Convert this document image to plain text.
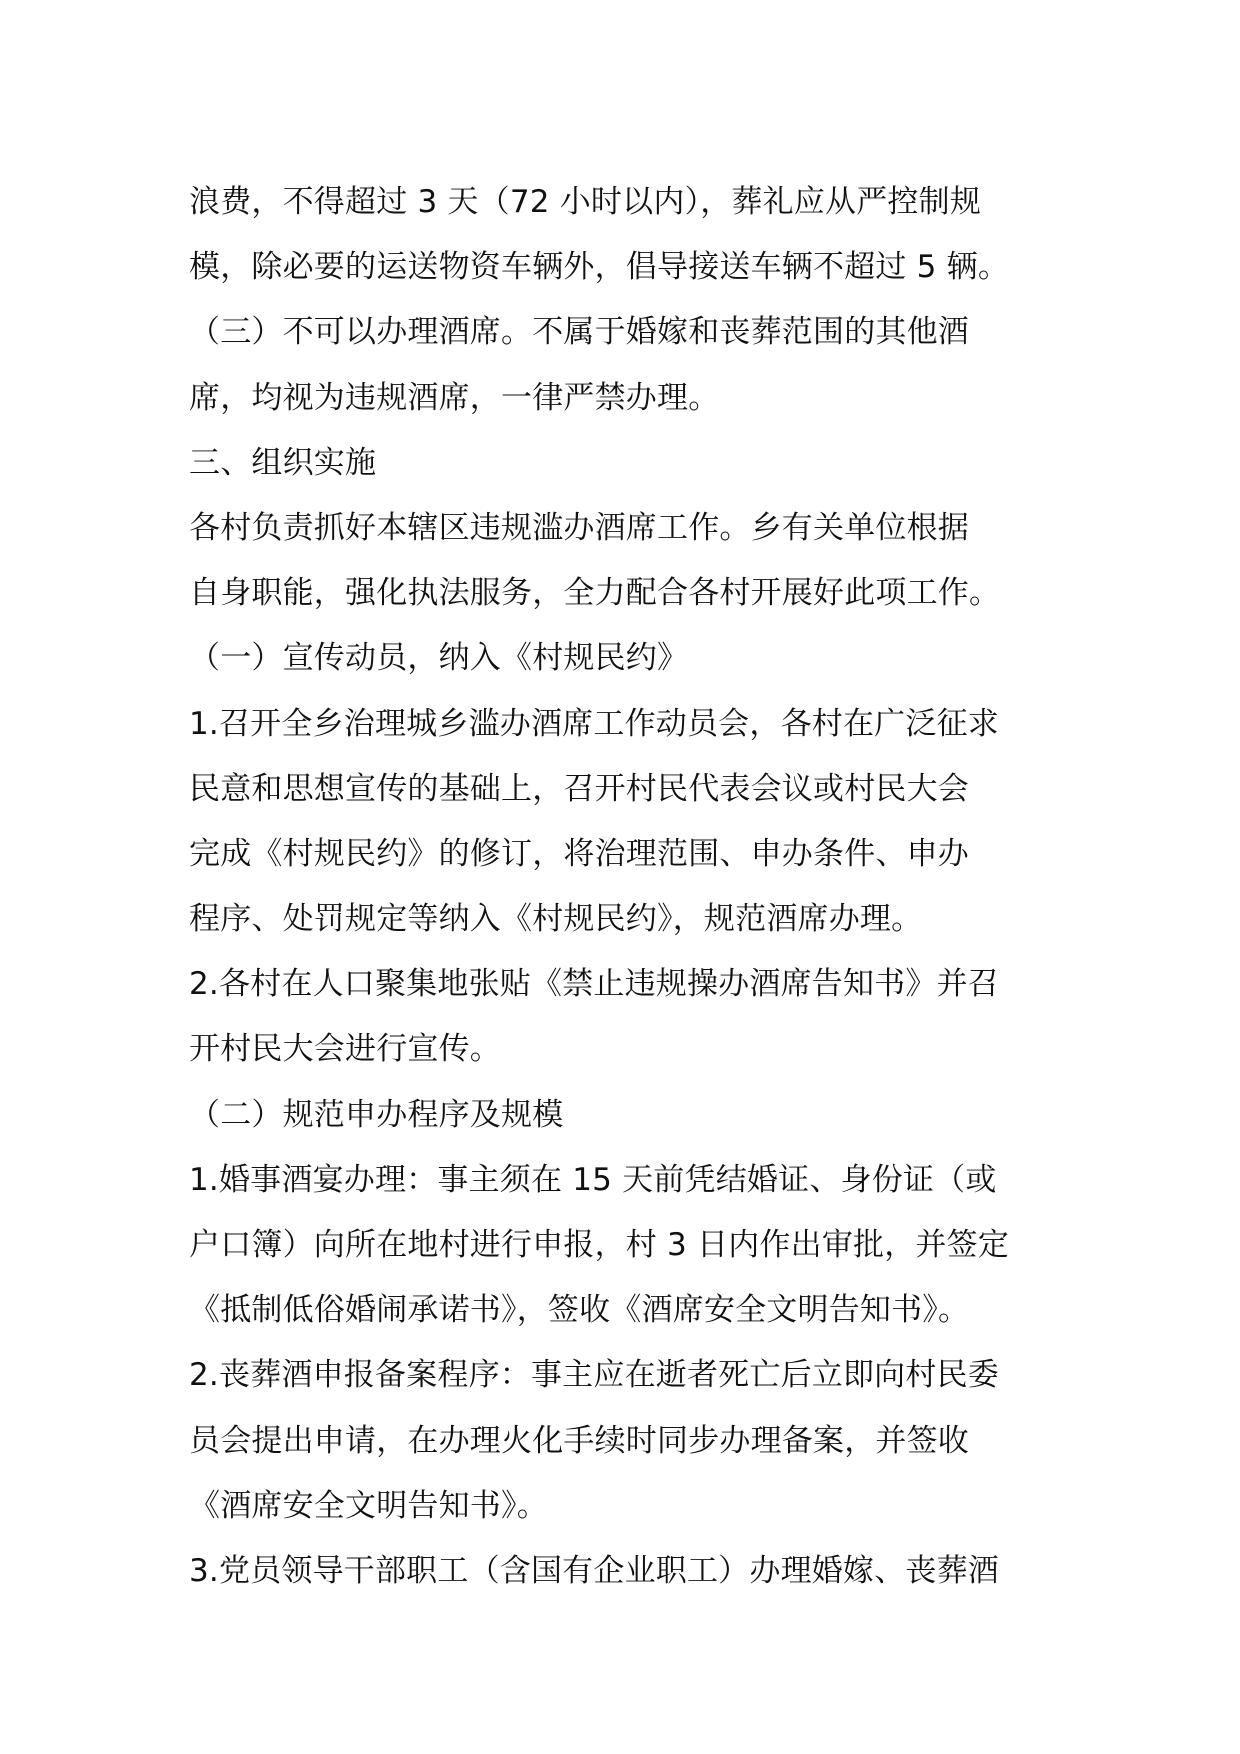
浪费，不得超过 3 天（72 小时以内），葬礼应从严控制规
模，除必要的运送物资车辆外，倡导接送车辆不超过 5 辆。
（三）不可以办理酒席。不属于婚嫁和丧葬范围的其他酒
席，均视为违规酒席，一律严禁办理。
三、组织实施
各村负责抓好本辖区违规滥办酒席工作。乡有关单位根据
自身职能，强化执法服务，全力配合各村开展好此项工作。
（一）宣传动员，纳入《村规民约》
1.召开全乡治理城乡滥办酒席工作动员会，各村在广泛征求
民意和思想宣传的基础上，召开村民代表会议或村民大会
完成《村规民约》的修订，将治理范围、申办条件、申办
程序、处罚规定等纳入《村规民约》，规范酒席办理。
2.各村在人口聚集地张贴《禁止违规操办酒席告知书》并召
开村民大会进行宣传。
（二）规范申办程序及规模
1.婚事酒宴办理：事主须在 15 天前凭结婚证、身份证（或
户口簿）向所在地村进行申报，村 3 日内作出审批，并签定
《抵制低俗婚闹承诺书》，签收《酒席安全文明告知书》。
2.丧葬酒申报备案程序：事主应在逝者死亡后立即向村民委
员会提出申请，在办理火化手续时同步办理备案，并签收
《酒席安全文明告知书》。
3.党员领导干部职工（含国有企业职工）办理婚嫁、丧葬酒
